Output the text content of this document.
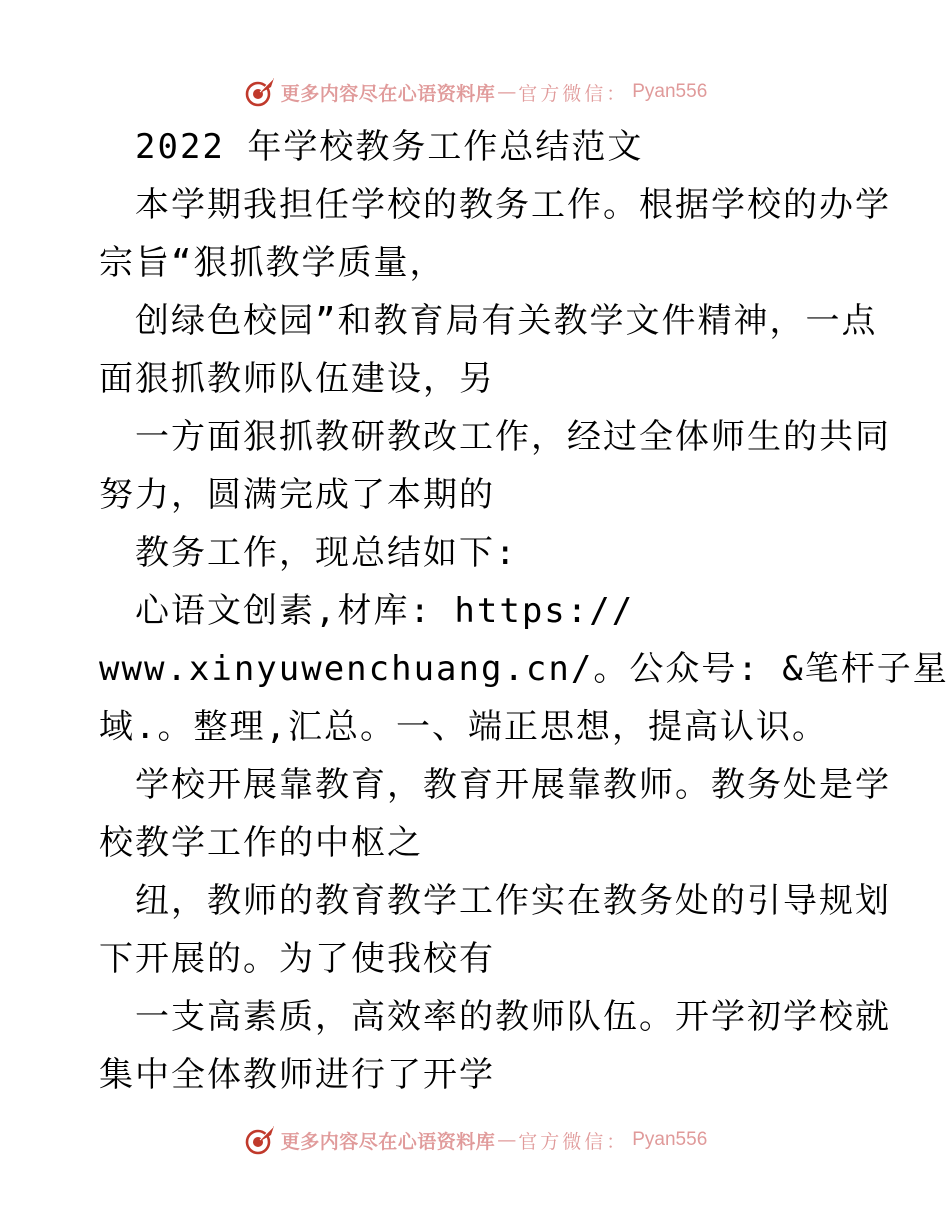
更多内容尽在心语资料库 — 官方微信： Pyan556
2022 年学校教务工作总结范文
本学期我担任学校的教务工作。根据学校的办学
宗旨“狠抓教学质量，
创绿色校园”和教育局有关教学文件精神，一点
面狠抓教师队伍建设，另
一方面狠抓教研教改工作，经过全体师生的共同
努力，圆满完成了本期的
教务工作，现总结如下:
心语文创素,材库: https://
www.xinyuwenchuang.cn/。公众号: &笔杆子星
域.。整理,汇总。一、端正思想，提高认识。
学校开展靠教育，教育开展靠教师。教务处是学
校教学工作的中枢之
纽，教师的教育教学工作实在教务处的引导规划
下开展的。为了使我校有
一支高素质，高效率的教师队伍。开学初学校就
集中全体教师进行了开学
更多内容尽在心语资料库 — 官方微信： Pyan556
